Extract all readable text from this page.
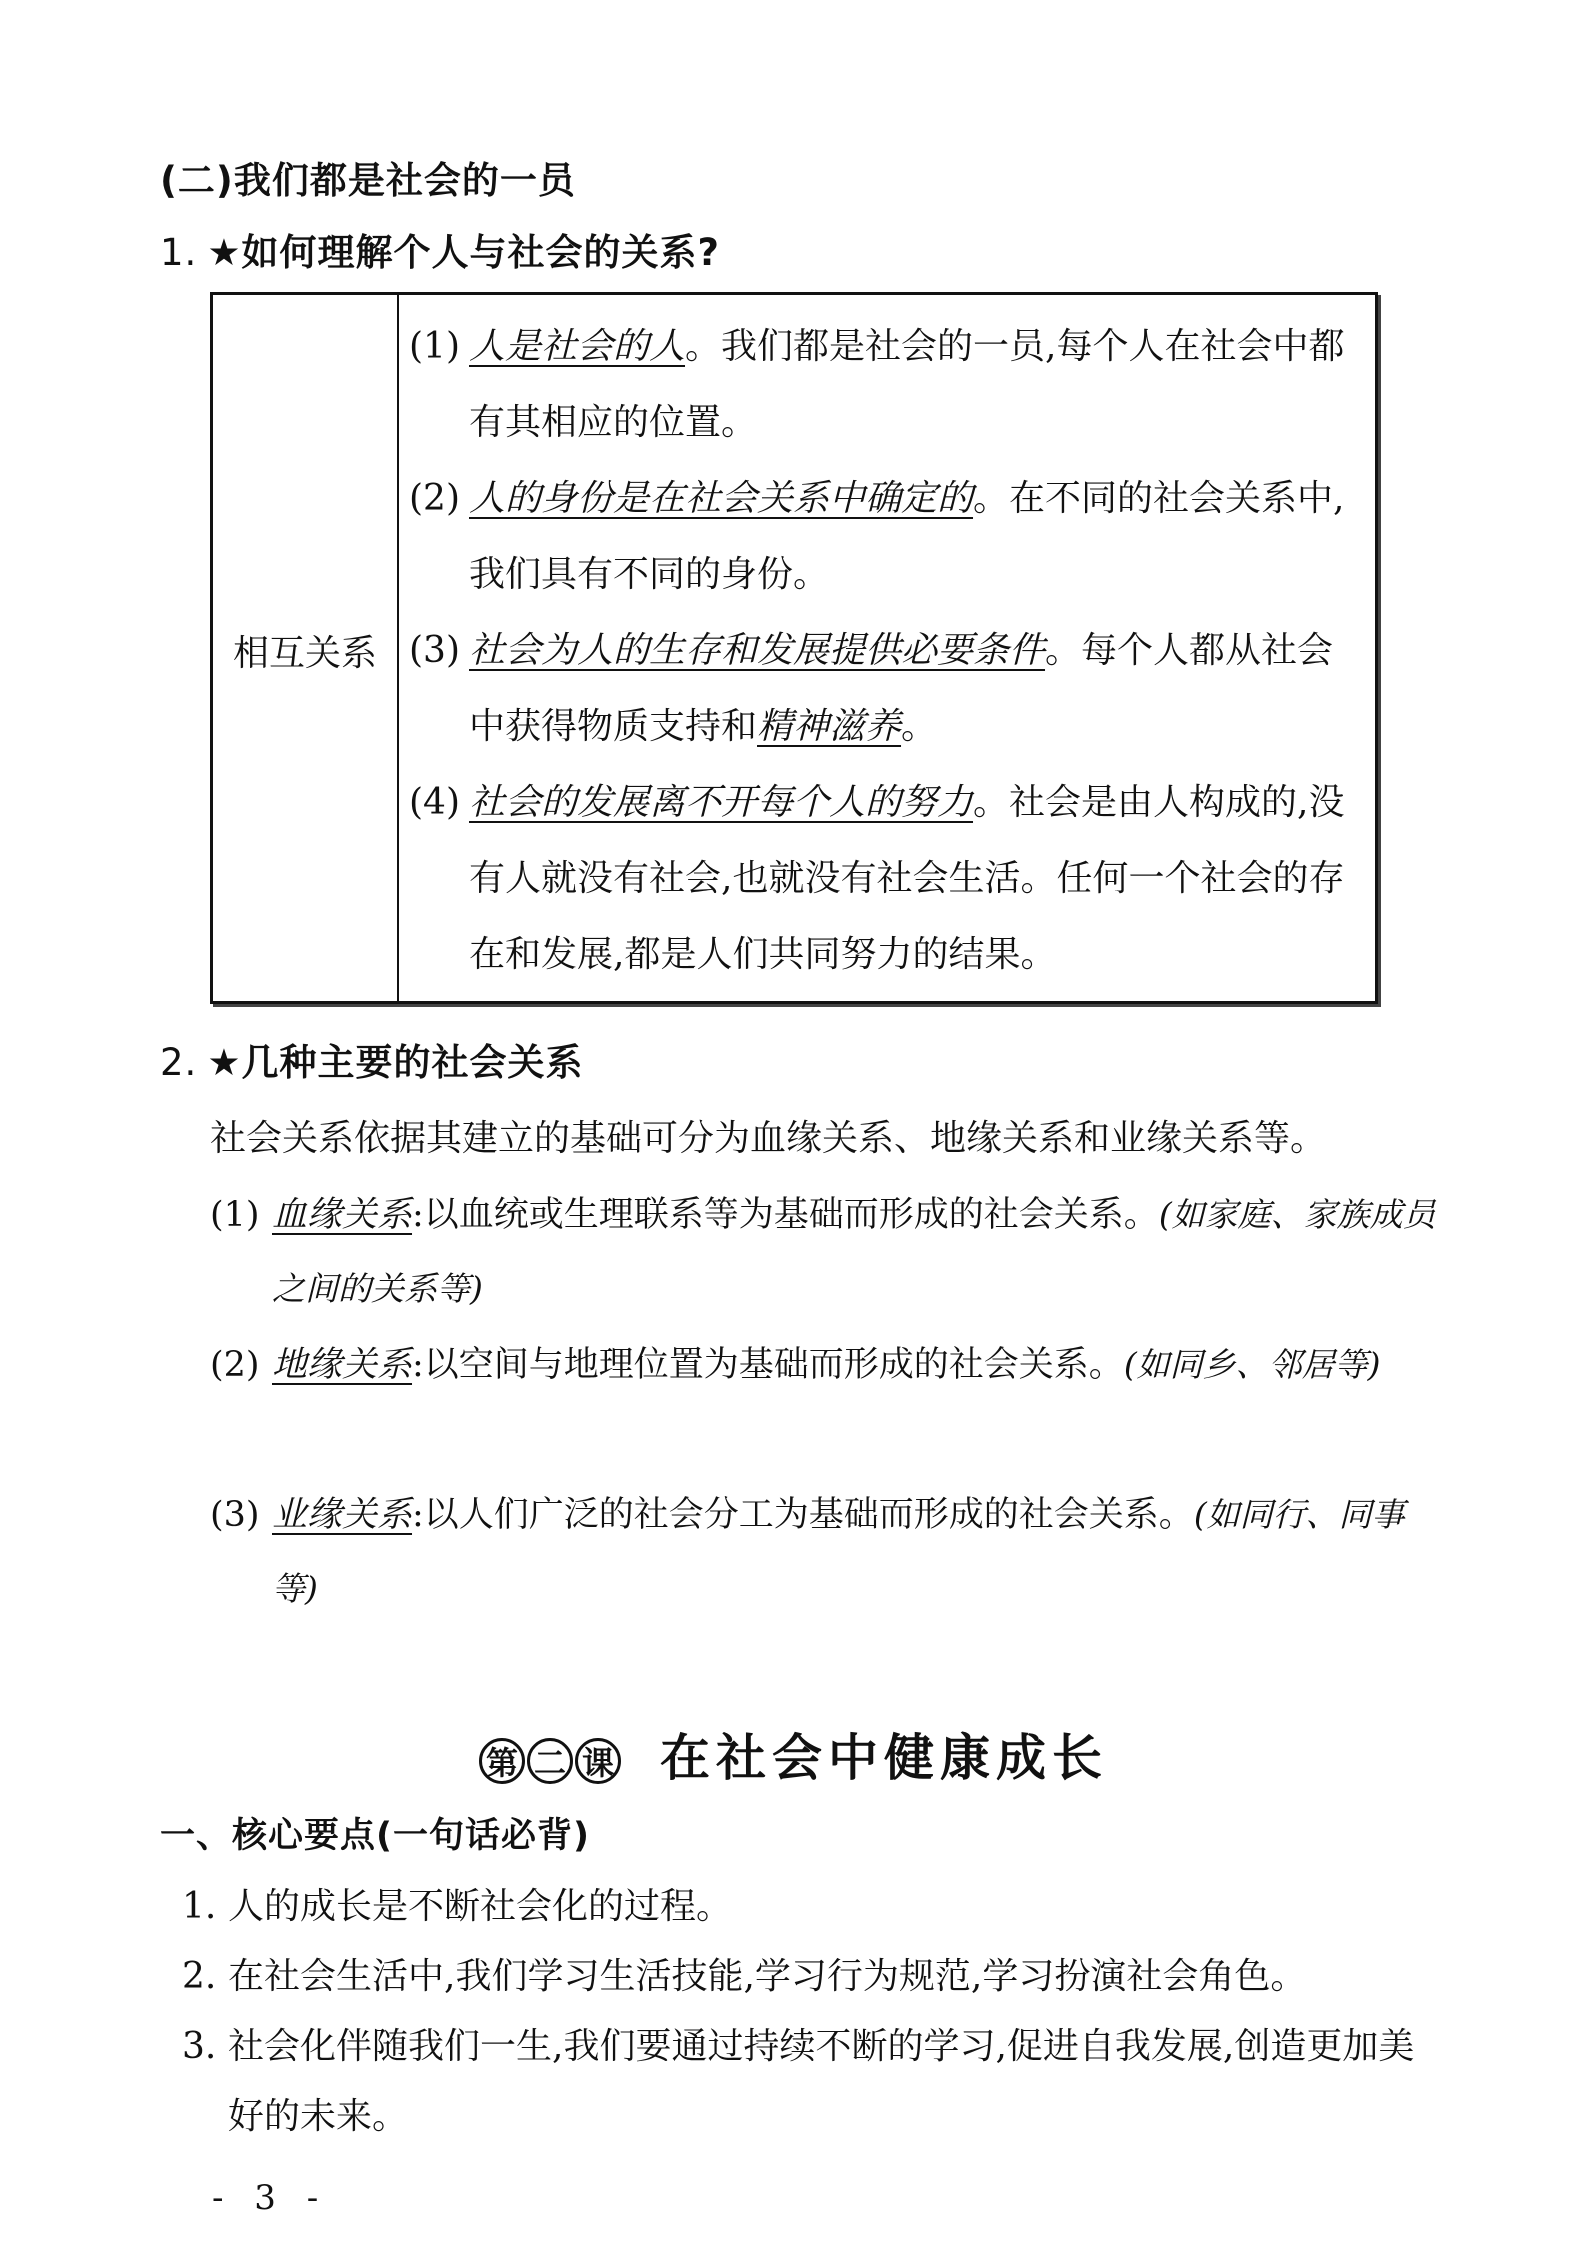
(二)我们都是社会的一员
1. ★如何理解个人与社会的关系?
相互关系
(1) 人是社会的人。我们都是社会的一员,每个人在社会中都有其相应的位置。
(2) 人的身份是在社会关系中确定的。在不同的社会关系中,我们具有不同的身份。
(3) 社会为人的生存和发展提供必要条件。每个人都从社会中获得物质支持和精神滋养。
(4) 社会的发展离不开每个人的努力。社会是由人构成的,没有人就没有社会,也就没有社会生活。任何一个社会的存在和发展,都是人们共同努力的结果。
2. ★几种主要的社会关系
社会关系依据其建立的基础可分为血缘关系、地缘关系和业缘关系等。
(1) 血缘关系:以血统或生理联系等为基础而形成的社会关系。(如家庭、家族成员之间的关系等)
(2) 地缘关系:以空间与地理位置为基础而形成的社会关系。(如同乡、邻居等)
(3) 业缘关系:以人们广泛的社会分工为基础而形成的社会关系。(如同行、同事等)
第 二 课 在社会中健康成长
一、核心要点(一句话必背)
1. 人的成长是不断社会化的过程。
2. 在社会生活中,我们学习生活技能,学习行为规范,学习扮演社会角色。
3. 社会化伴随我们一生,我们要通过持续不断的学习,促进自我发展,创造更加美好的未来。
- 3 -
